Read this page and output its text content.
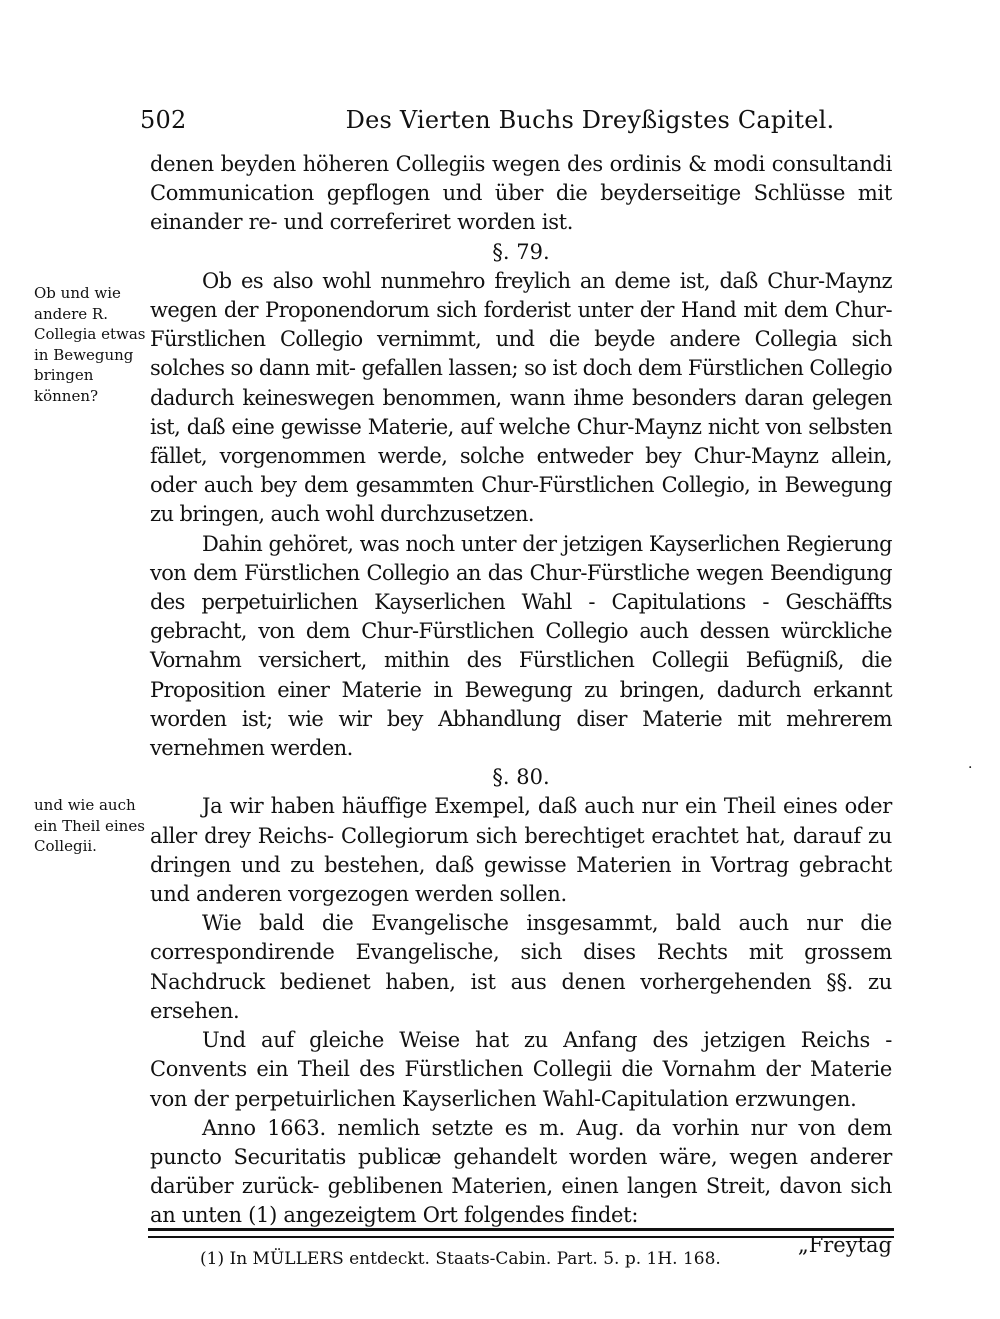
502	Des Vierten Buchs Dreyßigstes Capitel.
Ob und wie andere R. Collegia etwas in Bewegung bringen können?
und wie auch ein Theil eines Collegii.
·

denen beyden höheren Collegiis wegen des ordinis & modi consultandi Communication gepflogen und über die beyderseitige Schlüsse mit einander re- und correferiret worden ist.

§. 79.

Ob es also wohl nunmehro freylich an deme ist, daß Chur-Maynz wegen der Proponendorum sich forderist unter der Hand mit dem Chur-Fürstlichen Collegio vernimmt, und die beyde andere Collegia sich solches so dann mit- gefallen lassen; so ist doch dem Fürstlichen Collegio dadurch keineswegen benommen, wann ihme besonders daran gelegen ist, daß eine gewisse Materie, auf welche Chur-Maynz nicht von selbsten fället, vorgenommen werde, solche entweder bey Chur-Maynz allein, oder auch bey dem gesammten Chur-Fürstlichen Collegio, in Bewegung zu bringen, auch wohl durchzusetzen.

Dahin gehöret, was noch unter der jetzigen Kayserlichen Regierung von dem Fürstlichen Collegio an das Chur-Fürstliche wegen Beendigung des perpetuirlichen Kayserlichen Wahl - Capitulations - Geschäffts gebracht, von dem Chur-Fürstlichen Collegio auch dessen würckliche Vornahm versichert, mithin des Fürstlichen Collegii Befügniß, die Proposition einer Materie in Bewegung zu bringen, dadurch erkannt worden ist; wie wir bey Abhandlung diser Materie mit mehrerem vernehmen werden.

§. 80.

Ja wir haben häuffige Exempel, daß auch nur ein Theil eines oder aller drey Reichs- Collegiorum sich berechtiget erachtet hat, darauf zu dringen und zu bestehen, daß gewisse Materien in Vortrag gebracht und anderen vorgezogen werden sollen.

Wie bald die Evangelische insgesammt, bald auch nur die correspondirende Evangelische, sich dises Rechts mit grossem Nachdruck bedienet haben, ist aus denen vorhergehenden §§. zu ersehen.

Und auf gleiche Weise hat zu Anfang des jetzigen Reichs - Convents ein Theil des Fürstlichen Collegii die Vornahm der Materie von der perpetuirlichen Kayserlichen Wahl-Capitulation erzwungen.

Anno 1663. nemlich setzte es m. Aug. da vorhin nur von dem puncto Securitatis publicæ gehandelt worden wäre, wegen anderer darüber zurück- geblibenen Materien, einen langen Streit, davon sich an unten (1) angezeigtem Ort folgendes findet:

„Freytag

(1) In MÜLLERS entdeckt. Staats-Cabin. Part. 5. p. 1H. 168.
